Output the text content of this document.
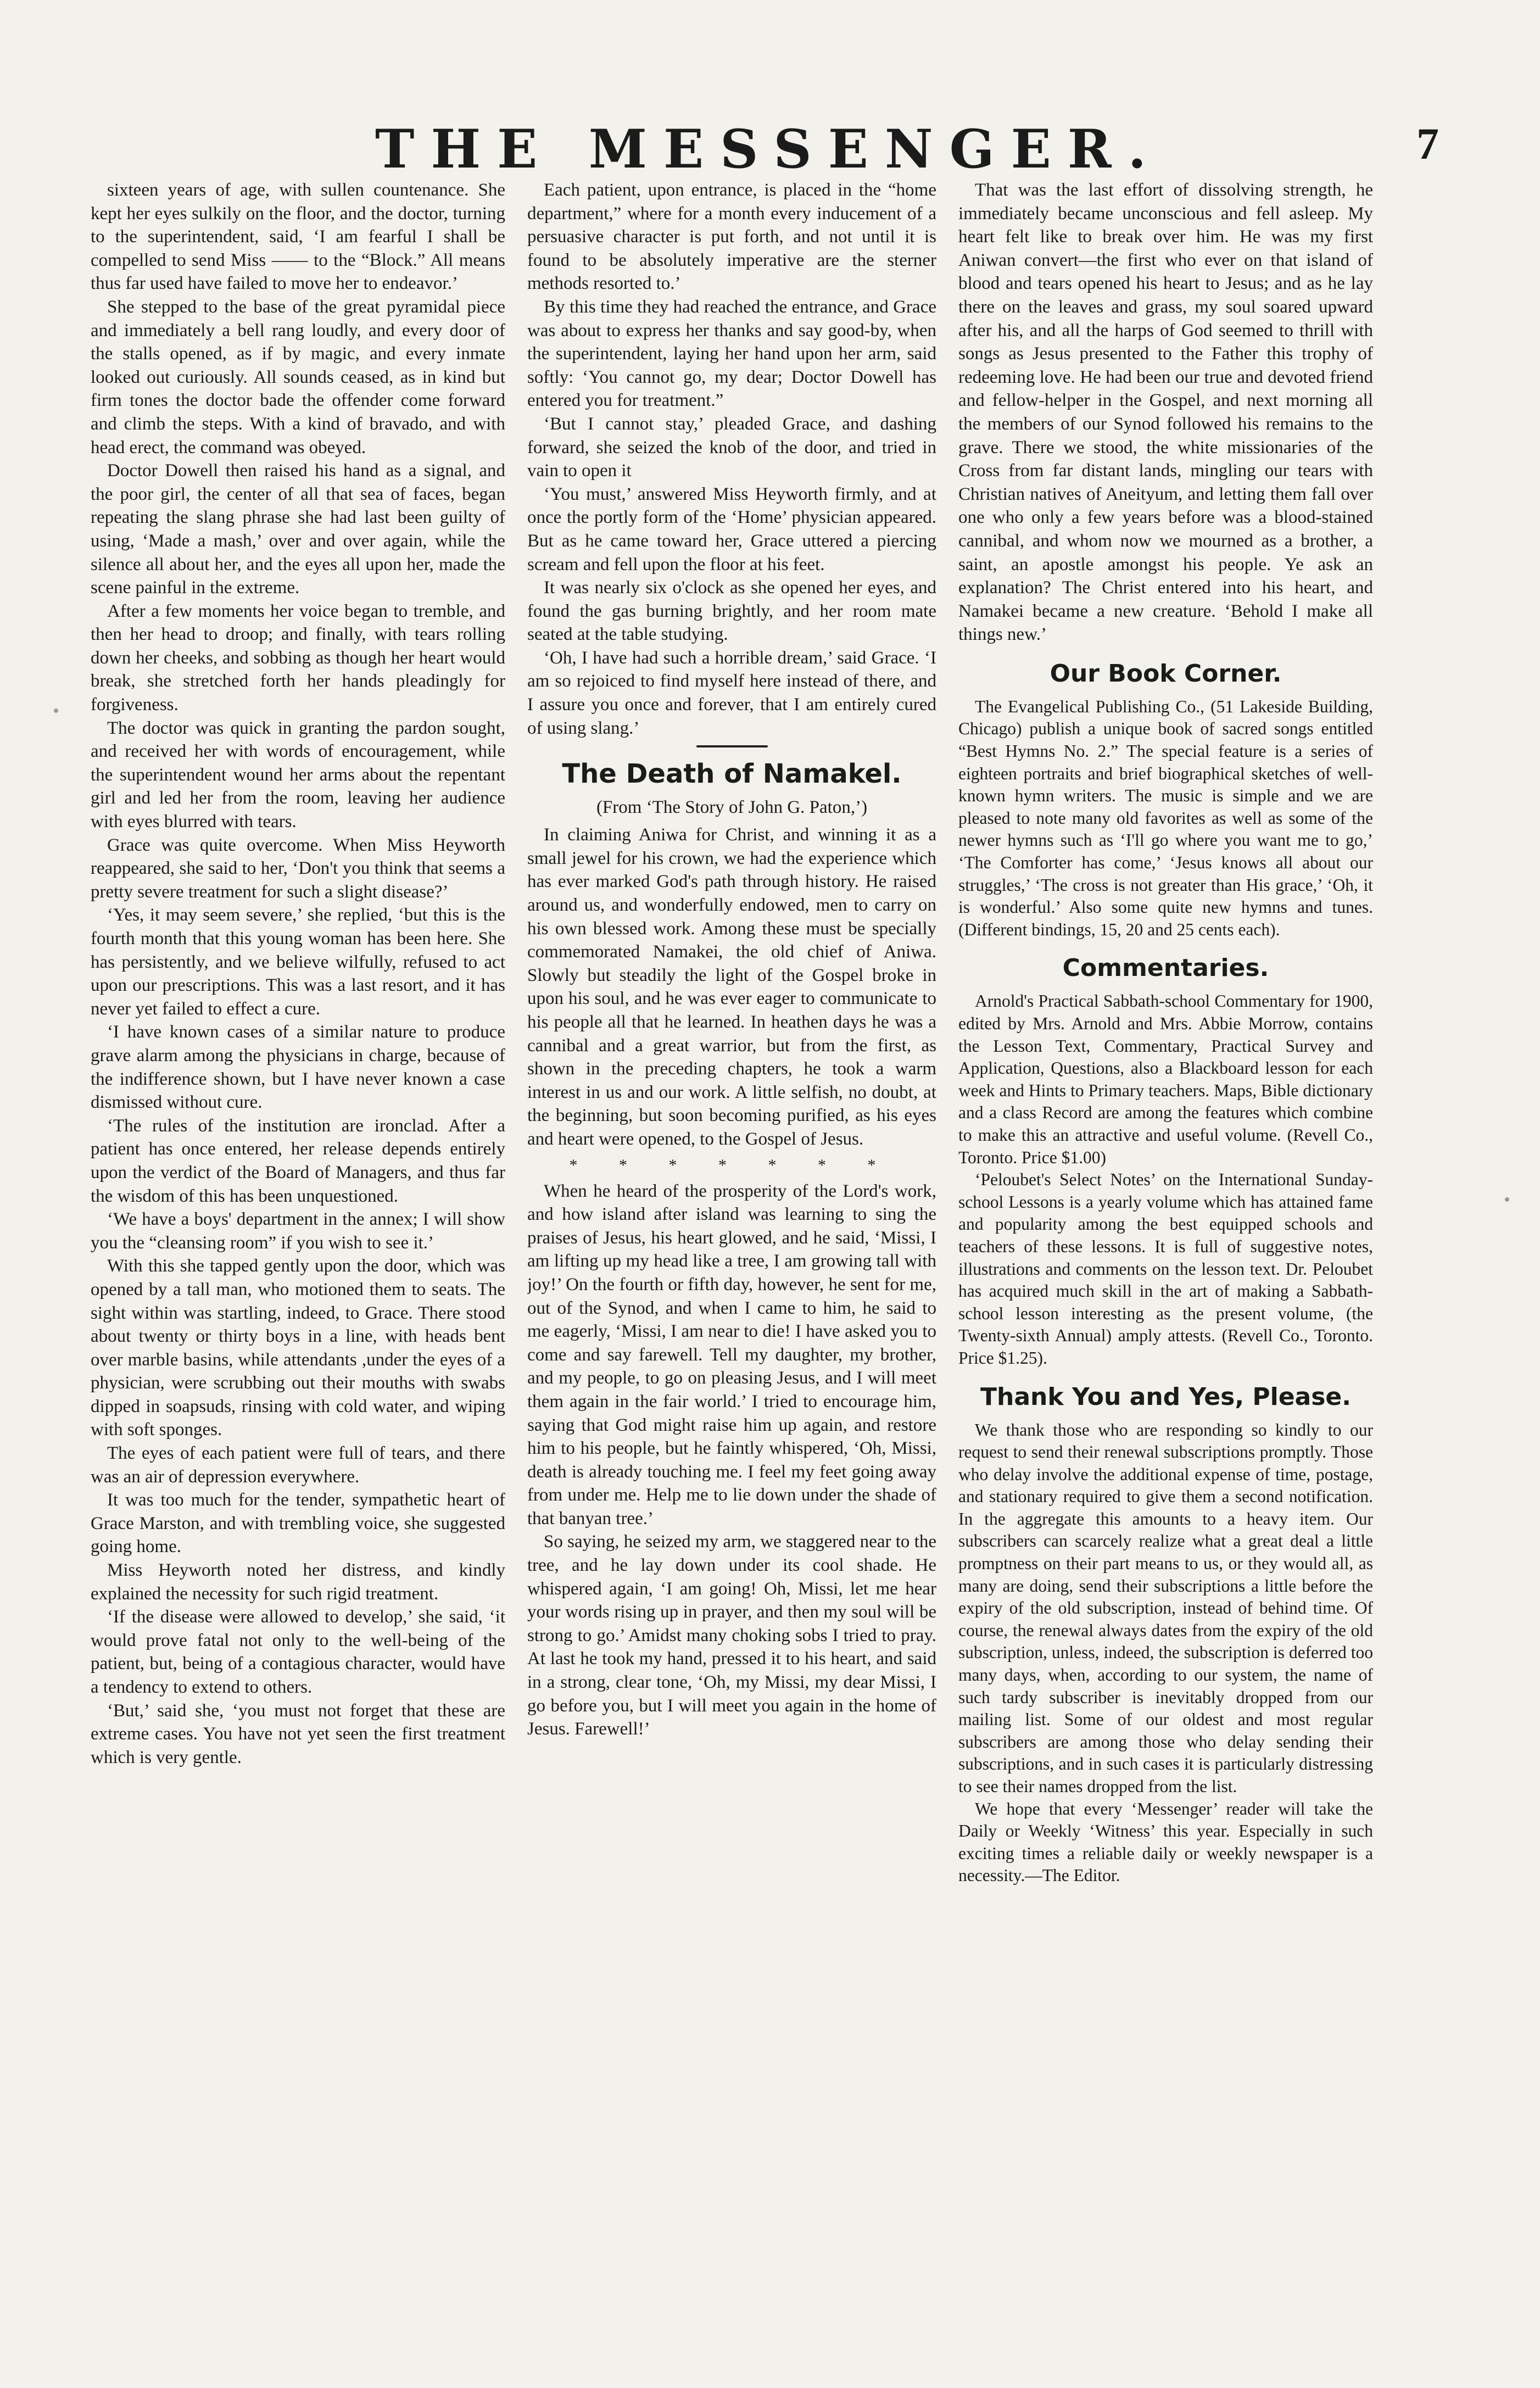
THE MESSENGER.	7

sixteen years of age, with sullen countenance. She kept her eyes sulkily on the floor, and the doctor, turning to the superintendent, said, ‘I am fearful I shall be compelled to send Miss —— to the “Block.” All means thus far used have failed to move her to endeavor.’

She stepped to the base of the great pyramidal piece and immediately a bell rang loudly, and every door of the stalls opened, as if by magic, and every inmate looked out curiously. All sounds ceased, as in kind but firm tones the doctor bade the offender come forward and climb the steps. With a kind of bravado, and with head erect, the command was obeyed.

Doctor Dowell then raised his hand as a signal, and the poor girl, the center of all that sea of faces, began repeating the slang phrase she had last been guilty of using, ‘Made a mash,’ over and over again, while the silence all about her, and the eyes all upon her, made the scene painful in the extreme.

After a few moments her voice began to tremble, and then her head to droop; and finally, with tears rolling down her cheeks, and sobbing as though her heart would break, she stretched forth her hands pleadingly for forgiveness.

The doctor was quick in granting the pardon sought, and received her with words of encouragement, while the superintendent wound her arms about the repentant girl and led her from the room, leaving her audience with eyes blurred with tears.

Grace was quite overcome. When Miss Heyworth reappeared, she said to her, ‘Don't you think that seems a pretty severe treatment for such a slight disease?’

‘Yes, it may seem severe,’ she replied, ‘but this is the fourth month that this young woman has been here. She has persistently, and we believe wilfully, refused to act upon our prescriptions. This was a last resort, and it has never yet failed to effect a cure.

‘I have known cases of a similar nature to produce grave alarm among the physicians in charge, because of the indifference shown, but I have never known a case dismissed without cure.

‘The rules of the institution are ironclad. After a patient has once entered, her release depends entirely upon the verdict of the Board of Managers, and thus far the wisdom of this has been unquestioned.

‘We have a boys' department in the annex; I will show you the “cleansing room” if you wish to see it.’

With this she tapped gently upon the door, which was opened by a tall man, who motioned them to seats. The sight within was startling, indeed, to Grace. There stood about twenty or thirty boys in a line, with heads bent over marble basins, while attendants ,under the eyes of a physician, were scrubbing out their mouths with swabs dipped in soapsuds, rinsing with cold water, and wiping with soft sponges.

The eyes of each patient were full of tears, and there was an air of depression everywhere.

It was too much for the tender, sympathetic heart of Grace Marston, and with trembling voice, she suggested going home.

Miss Heyworth noted her distress, and kindly explained the necessity for such rigid treatment.

‘If the disease were allowed to develop,’ she said, ‘it would prove fatal not only to the well-being of the patient, but, being of a contagious character, would have a tendency to extend to others.

‘But,’ said she, ‘you must not forget that these are extreme cases. You have not yet seen the first treatment which is very gentle.

Each patient, upon entrance, is placed in the “home department,” where for a month every inducement of a persuasive character is put forth, and not until it is found to be absolutely imperative are the sterner methods resorted to.’

By this time they had reached the entrance, and Grace was about to express her thanks and say good-by, when the superintendent, laying her hand upon her arm, said softly: ‘You cannot go, my dear; Doctor Dowell has entered you for treatment.”

‘But I cannot stay,’ pleaded Grace, and dashing forward, she seized the knob of the door, and tried in vain to open it

‘You must,’ answered Miss Heyworth firmly, and at once the portly form of the ‘Home’ physician appeared. But as he came toward her, Grace uttered a piercing scream and fell upon the floor at his feet.

It was nearly six o'clock as she opened her eyes, and found the gas burning brightly, and her room mate seated at the table studying.

‘Oh, I have had such a horrible dream,’ said Grace. ‘I am so rejoiced to find myself here instead of there, and I assure you once and forever, that I am entirely cured of using slang.’

The Death of Namakel.

(From ‘The Story of John G. Paton,’)

In claiming Aniwa for Christ, and winning it as a small jewel for his crown, we had the experience which has ever marked God's path through history. He raised around us, and wonderfully endowed, men to carry on his own blessed work. Among these must be specially commemorated Namakei, the old chief of Aniwa. Slowly but steadily the light of the Gospel broke in upon his soul, and he was ever eager to communicate to his people all that he learned. In heathen days he was a cannibal and a great warrior, but from the first, as shown in the preceding chapters, he took a warm interest in us and our work. A little selfish, no doubt, at the beginning, but soon becoming purified, as his eyes and heart were opened, to the Gospel of Jesus.

* * * * * * *

When he heard of the prosperity of the Lord's work, and how island after island was learning to sing the praises of Jesus, his heart glowed, and he said, ‘Missi, I am lifting up my head like a tree, I am growing tall with joy!’ On the fourth or fifth day, however, he sent for me, out of the Synod, and when I came to him, he said to me eagerly, ‘Missi, I am near to die! I have asked you to come and say farewell. Tell my daughter, my brother, and my people, to go on pleasing Jesus, and I will meet them again in the fair world.’ I tried to encourage him, saying that God might raise him up again, and restore him to his people, but he faintly whispered, ‘Oh, Missi, death is already touching me. I feel my feet going away from under me. Help me to lie down under the shade of that banyan tree.’

So saying, he seized my arm, we staggered near to the tree, and he lay down under its cool shade. He whispered again, ‘I am going! Oh, Missi, let me hear your words rising up in prayer, and then my soul will be strong to go.’ Amidst many choking sobs I tried to pray. At last he took my hand, pressed it to his heart, and said in a strong, clear tone, ‘Oh, my Missi, my dear Missi, I go before you, but I will meet you again in the home of Jesus. Farewell!’

That was the last effort of dissolving strength, he immediately became unconscious and fell asleep. My heart felt like to break over him. He was my first Aniwan convert—the first who ever on that island of blood and tears opened his heart to Jesus; and as he lay there on the leaves and grass, my soul soared upward after his, and all the harps of God seemed to thrill with songs as Jesus presented to the Father this trophy of redeeming love. He had been our true and devoted friend and fellow-helper in the Gospel, and next morning all the members of our Synod followed his remains to the grave. There we stood, the white missionaries of the Cross from far distant lands, mingling our tears with Christian natives of Aneityum, and letting them fall over one who only a few years before was a blood-stained cannibal, and whom now we mourned as a brother, a saint, an apostle amongst his people. Ye ask an explanation? The Christ entered into his heart, and Namakei became a new creature. ‘Behold I make all things new.’

Our Book Corner.

The Evangelical Publishing Co., (51 Lakeside Building, Chicago) publish a unique book of sacred songs entitled “Best Hymns No. 2.” The special feature is a series of eighteen portraits and brief biographical sketches of well-known hymn writers. The music is simple and we are pleased to note many old favorites as well as some of the newer hymns such as ‘I'll go where you want me to go,’ ‘The Comforter has come,’ ‘Jesus knows all about our struggles,’ ‘The cross is not greater than His grace,’ ‘Oh, it is wonderful.’ Also some quite new hymns and tunes. (Different bindings, 15, 20 and 25 cents each).

Commentaries.

Arnold's Practical Sabbath-school Commentary for 1900, edited by Mrs. Arnold and Mrs. Abbie Morrow, contains the Lesson Text, Commentary, Practical Survey and Application, Questions, also a Blackboard lesson for each week and Hints to Primary teachers. Maps, Bible dictionary and a class Record are among the features which combine to make this an attractive and useful volume. (Revell Co., Toronto. Price $1.00)

‘Peloubet's Select Notes’ on the International Sunday-school Lessons is a yearly volume which has attained fame and popularity among the best equipped schools and teachers of these lessons. It is full of suggestive notes, illustrations and comments on the lesson text. Dr. Peloubet has acquired much skill in the art of making a Sabbath-school lesson interesting as the present volume, (the Twenty-sixth Annual) amply attests. (Revell Co., Toronto. Price $1.25).

Thank You and Yes, Please.

We thank those who are responding so kindly to our request to send their renewal subscriptions promptly. Those who delay involve the additional expense of time, postage, and stationary required to give them a second notification. In the aggregate this amounts to a heavy item. Our subscribers can scarcely realize what a great deal a little promptness on their part means to us, or they would all, as many are doing, send their subscriptions a little before the expiry of the old subscription, instead of behind time. Of course, the renewal always dates from the expiry of the old subscription, unless, indeed, the subscription is deferred too many days, when, according to our system, the name of such tardy subscriber is inevitably dropped from our mailing list. Some of our oldest and most regular subscribers are among those who delay sending their subscriptions, and in such cases it is particularly distressing to see their names dropped from the list.

We hope that every ‘Messenger’ reader will take the Daily or Weekly ‘Witness’ this year. Especially in such exciting times a reliable daily or weekly newspaper is a necessity.—The Editor.
